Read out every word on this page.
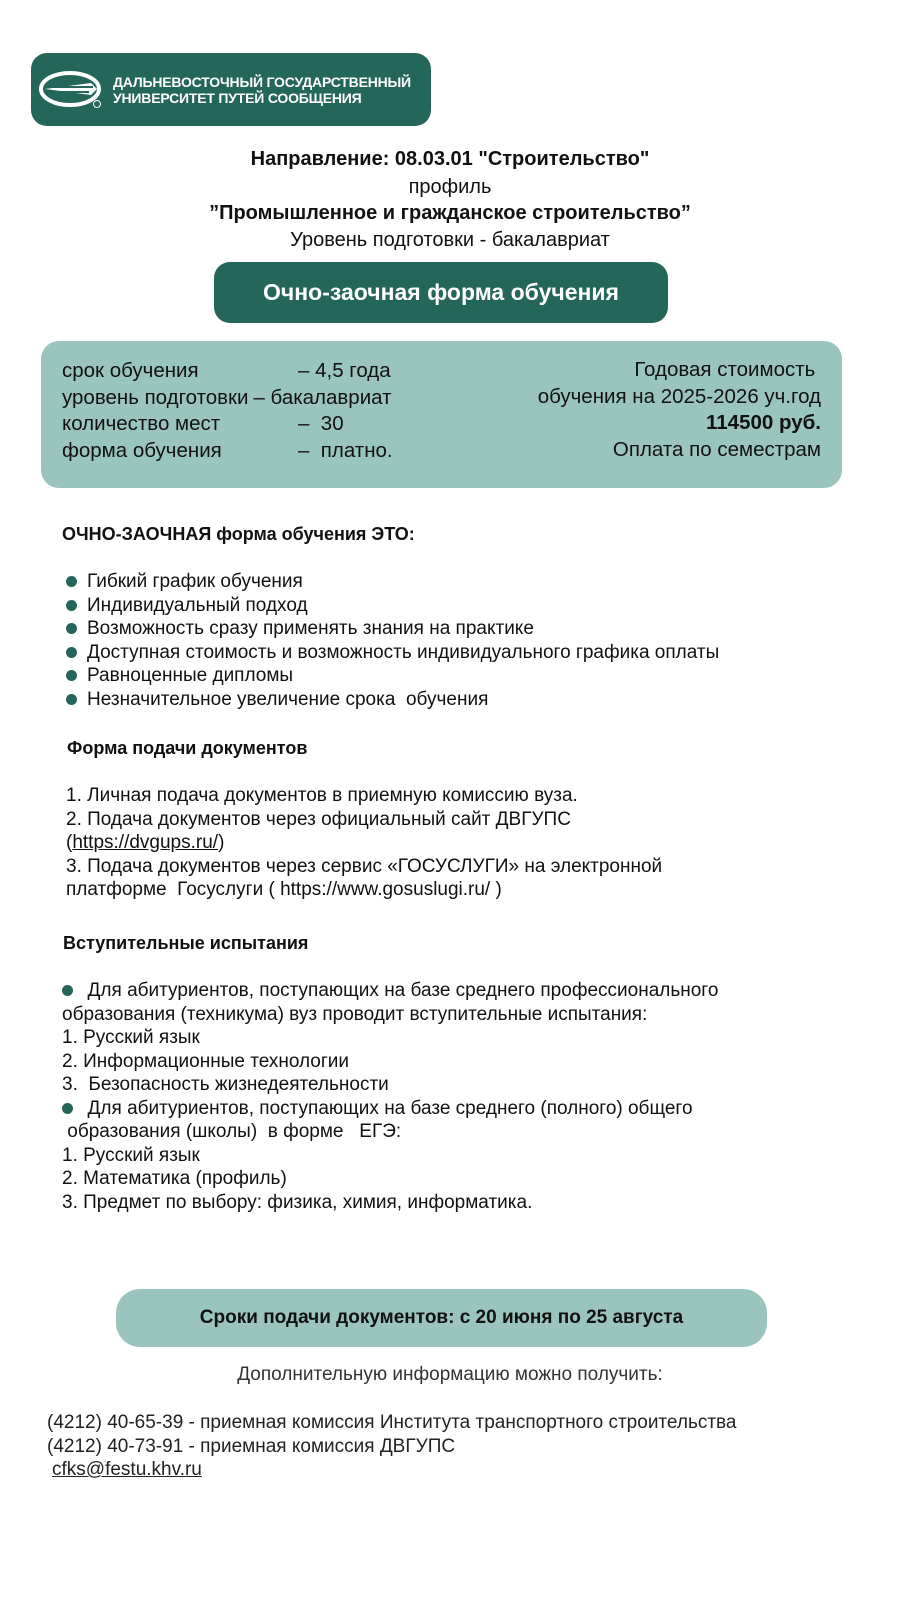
ДАЛЬНЕВОСТОЧНЫЙ ГОСУДАРСТВЕННЫЙ
УНИВЕРСИТЕТ ПУТЕЙ СООБЩЕНИЯ
Направление: 08.03.01 "Строительство"
профиль
”Промышленное и гражданское строительство”
Уровень подготовки - бакалавриат
Очно-заочная форма обучения
срок обучения	– 4,5 года
уровень подготовки – бакалавриат
количество мест	–  30
форма обучения	–  платно.
Годовая стоимость
обучения на 2025-2026 уч.год
114500 руб.
Оплата по семестрам
ОЧНО-ЗАОЧНАЯ форма обучения ЭТО:
Гибкий график обучения
Индивидуальный подход
Возможность сразу применять знания на практике
Доступная стоимость и возможность индивидуального графика оплаты
Равноценные дипломы
Незначительное увеличение срока  обучения
Форма подачи документов
1. Личная подача документов в приемную комиссию вуза.
2. Подача документов через официальный сайт ДВГУПС
(https://dvgups.ru/)
3. Подача документов через сервис «ГОСУСЛУГИ» на электронной
платформе  Госуслуги ( https://www.gosuslugi.ru/ )
Вступительные испытания
Для абитуриентов, поступающих на базе среднего профессионального
образования (техникума) вуз проводит вступительные испытания:
1. Русский язык
2. Информационные технологии
3.  Безопасность жизнедеятельности
Для абитуриентов, поступающих на базе среднего (полного) общего
образования (школы)  в форме   ЕГЭ:
1. Русский язык
2. Математика (профиль)
3. Предмет по выбору: физика, химия, информатика.
Сроки подачи документов: с 20 июня по 25 августа
Дополнительную информацию можно получить:
(4212) 40-65-39 - приемная комиссия Института транспортного строительства
(4212) 40-73-91 - приемная комиссия ДВГУПС
cfks@festu.khv.ru
